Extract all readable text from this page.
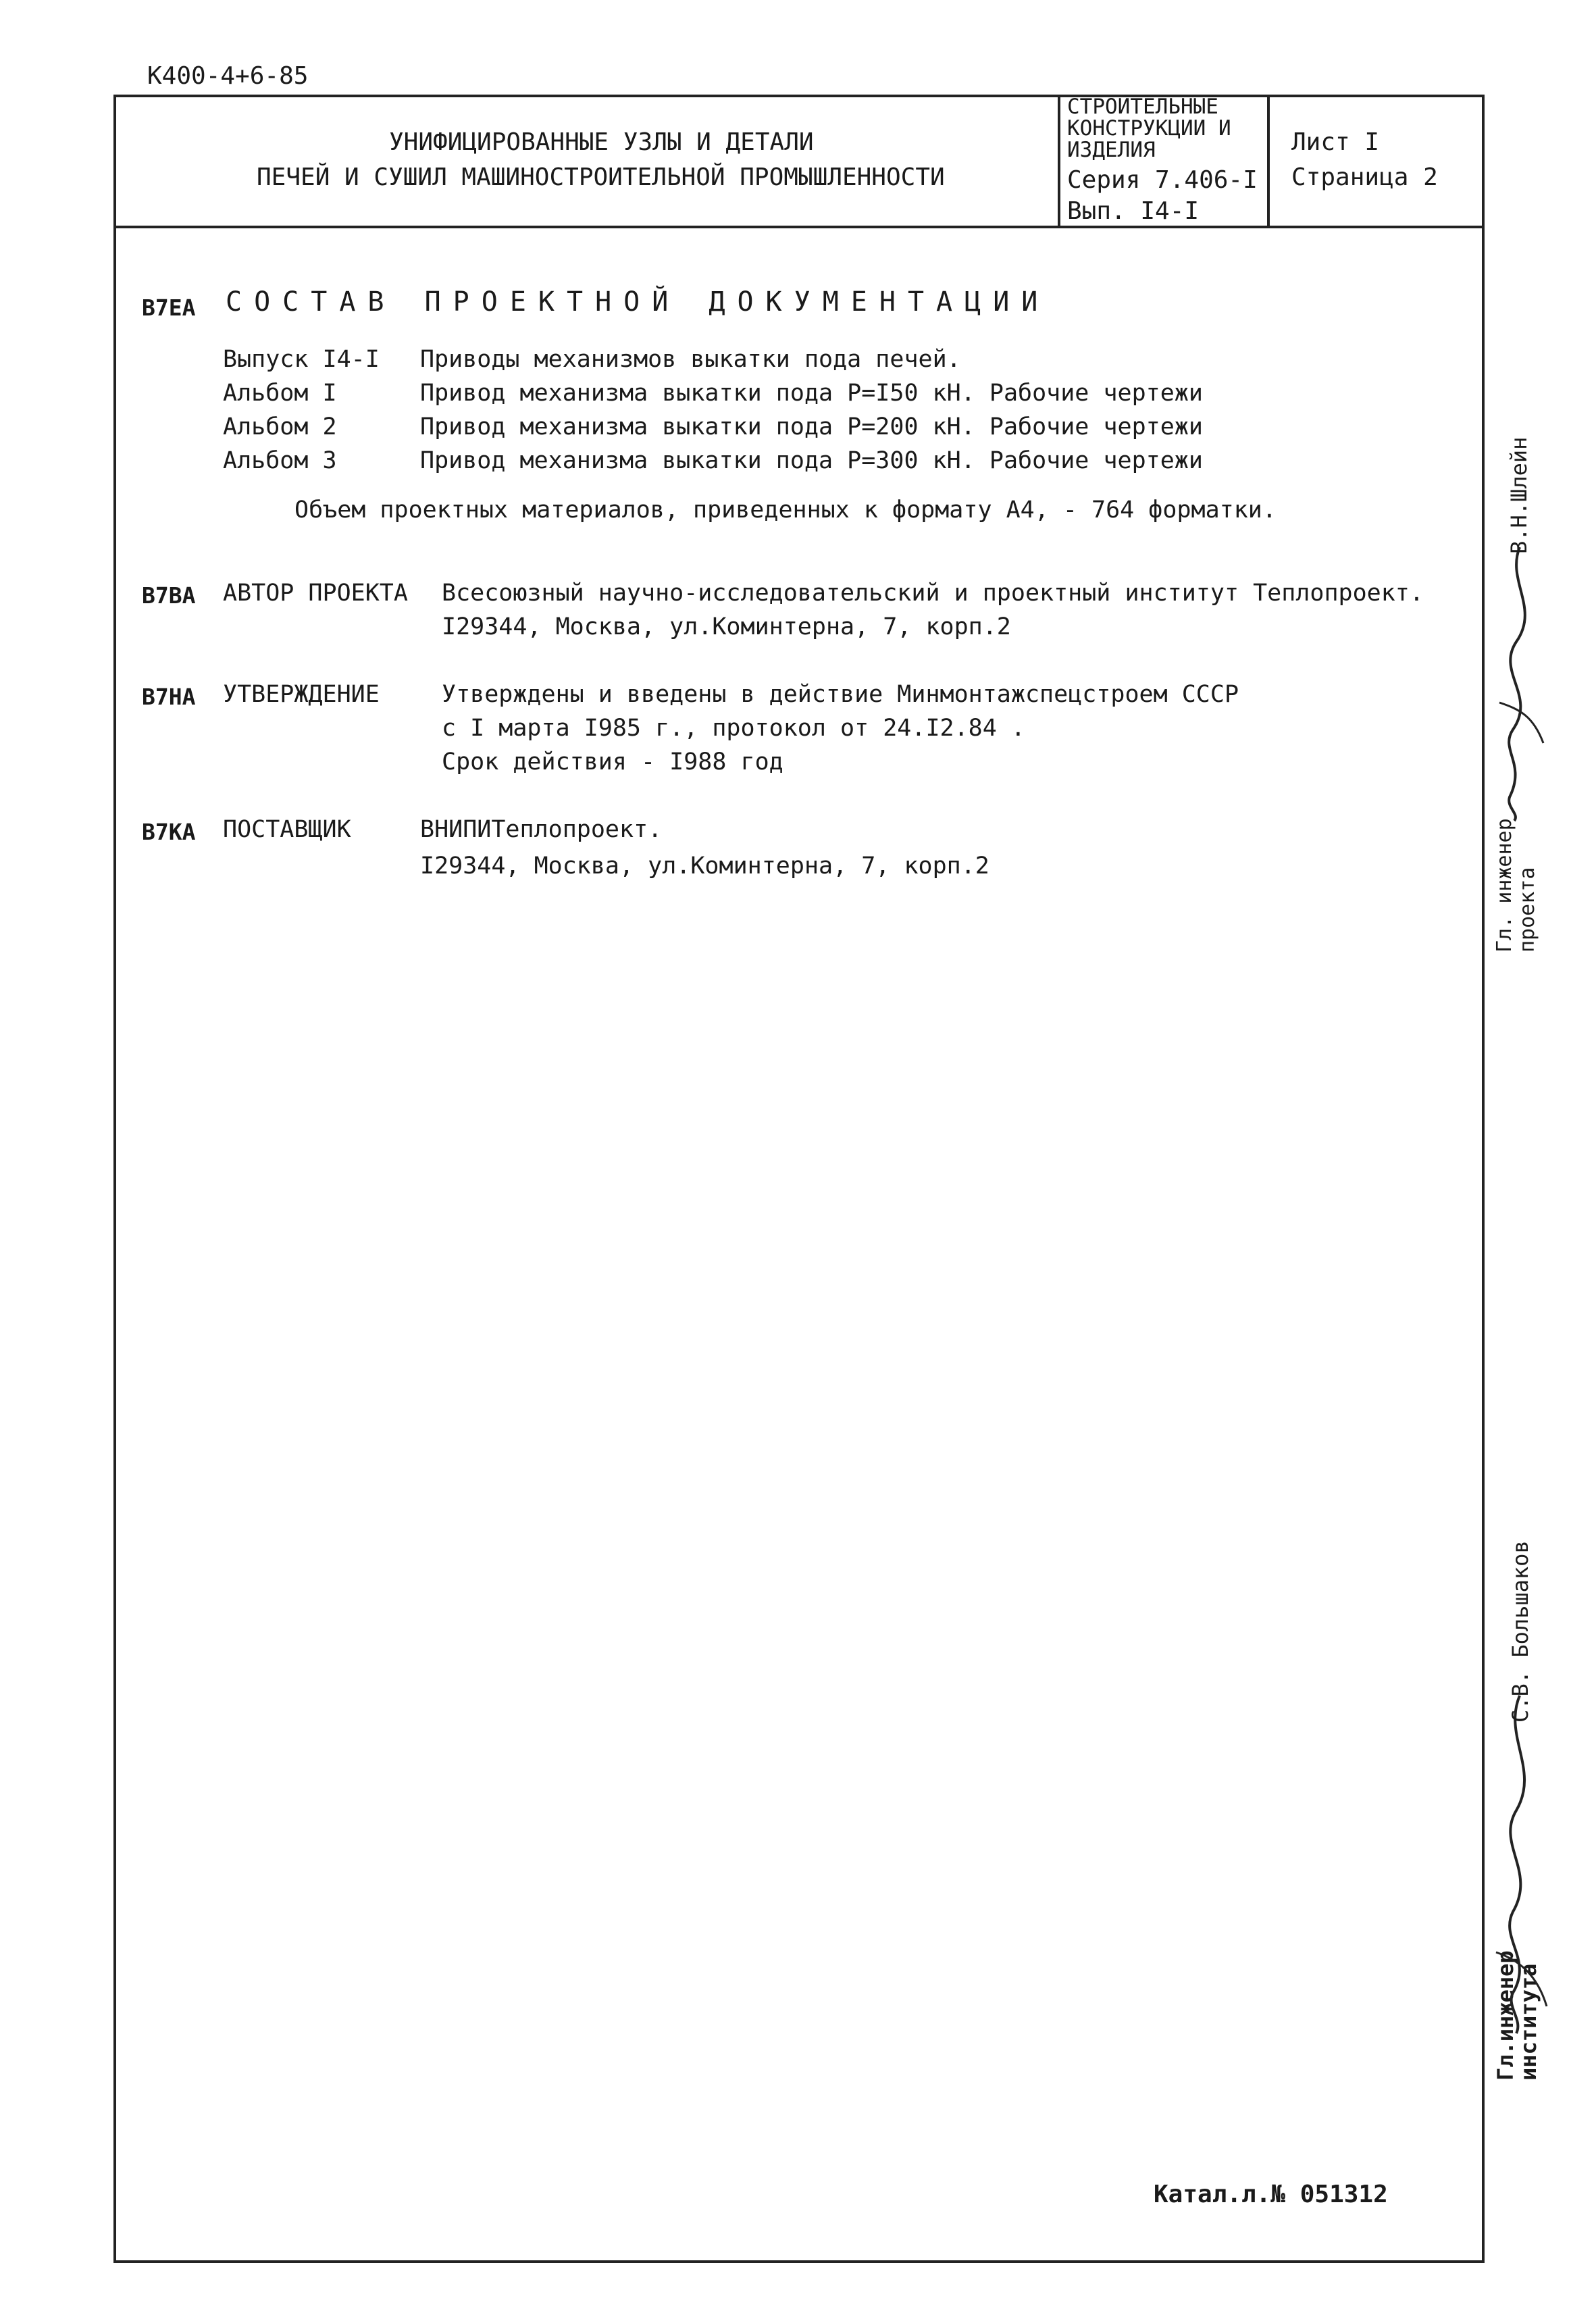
К400-4+6-85
УНИФИЦИРОВАННЫЕ УЗЛЫ И ДЕТАЛИ
ПЕЧЕЙ И СУШИЛ МАШИНОСТРОИТЕЛЬНОЙ ПРОМЫШЛЕННОСТИ
СТРОИТЕЛЬНЫЕ
КОНСТРУКЦИИ И
ИЗДЕЛИЯ
Серия 7.406-I
Вып. I4-I
Лист I
Страница 2
В7ЕА СОСТАВ ПРОЕКТНОЙ ДОКУМЕНТАЦИИ
Выпуск I4-I Приводы механизмов выкатки пода печей.
Альбом I	Привод механизма выкатки пода Р=I50 кН. Рабочие чертежи
Альбом 2	Привод механизма выкатки пода Р=200 кН. Рабочие чертежи
Альбом 3	Привод механизма выкатки пода Р=300 кН. Рабочие чертежи
Объем проектных материалов, приведенных к формату А4, - 764 форматки.
В7ВА АВТОР ПРОЕКТА Всесоюзный научно-исследовательский и проектный институт Теплопроект.
I29344, Москва, ул.Коминтерна, 7, корп.2
В7НА УТВЕРЖДЕНИЕ	Утверждены и введены в действие Минмонтажспецстроем СССР
с I марта I985 г., протокол от 24.I2.84 .
Срок действия - I988 год
В7КА ПОСТАВЩИК	ВНИПИТеплопроект.
I29344, Москва, ул.Коминтерна, 7, корп.2	Гл. инженер проекта
В.Н.Шлейн
Гл.инженер
института
С.В. Большаков
Катал.л.№ 051312
